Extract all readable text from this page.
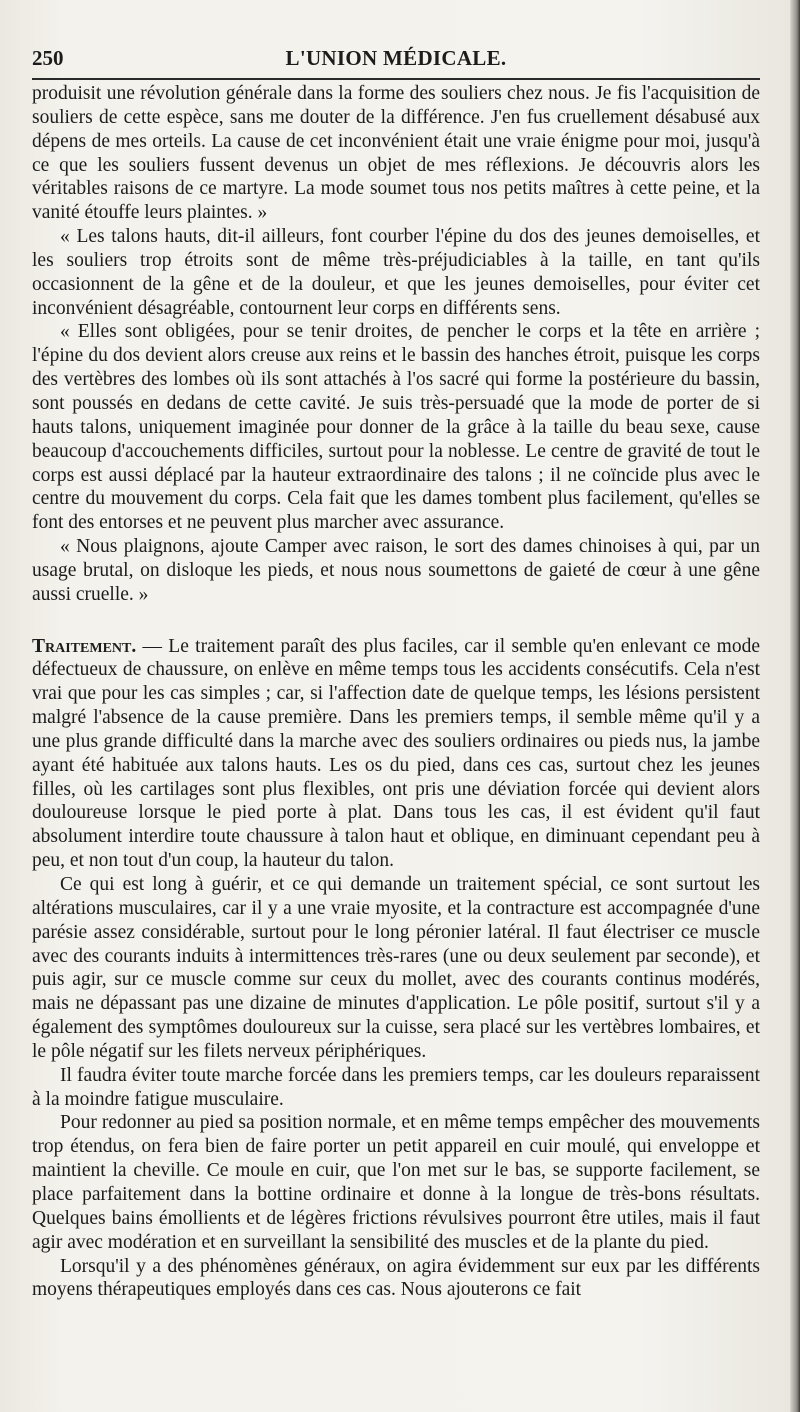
250	L'UNION MÉDICALE.

produisit une révolution générale dans la forme des souliers chez nous. Je fis l'acquisition de souliers de cette espèce, sans me douter de la différence. J'en fus cruellement désabusé aux dépens de mes orteils. La cause de cet inconvénient était une vraie énigme pour moi, jusqu'à ce que les souliers fussent devenus un objet de mes réflexions. Je découvris alors les véritables raisons de ce martyre. La mode soumet tous nos petits maîtres à cette peine, et la vanité étouffe leurs plaintes. »

« Les talons hauts, dit-il ailleurs, font courber l'épine du dos des jeunes demoiselles, et les souliers trop étroits sont de même très-préjudiciables à la taille, en tant qu'ils occasionnent de la gêne et de la douleur, et que les jeunes demoiselles, pour éviter cet inconvénient désagréable, contournent leur corps en différents sens.

« Elles sont obligées, pour se tenir droites, de pencher le corps et la tête en arrière ; l'épine du dos devient alors creuse aux reins et le bassin des hanches étroit, puisque les corps des vertèbres des lombes où ils sont attachés à l'os sacré qui forme la postérieure du bassin, sont poussés en dedans de cette cavité. Je suis très-persuadé que la mode de porter de si hauts talons, uniquement imaginée pour donner de la grâce à la taille du beau sexe, cause beaucoup d'accouchements difficiles, surtout pour la noblesse. Le centre de gravité de tout le corps est aussi déplacé par la hauteur extraordinaire des talons ; il ne coïncide plus avec le centre du mouvement du corps. Cela fait que les dames tombent plus facilement, qu'elles se font des entorses et ne peuvent plus marcher avec assurance.

« Nous plaignons, ajoute Camper avec raison, le sort des dames chinoises à qui, par un usage brutal, on disloque les pieds, et nous nous soumettons de gaieté de cœur à une gêne aussi cruelle. »

Traitement. — Le traitement paraît des plus faciles, car il semble qu'en enlevant ce mode défectueux de chaussure, on enlève en même temps tous les accidents consécutifs. Cela n'est vrai que pour les cas simples ; car, si l'affection date de quelque temps, les lésions persistent malgré l'absence de la cause première. Dans les premiers temps, il semble même qu'il y a une plus grande difficulté dans la marche avec des souliers ordinaires ou pieds nus, la jambe ayant été habituée aux talons hauts. Les os du pied, dans ces cas, surtout chez les jeunes filles, où les cartilages sont plus flexibles, ont pris une déviation forcée qui devient alors douloureuse lorsque le pied porte à plat. Dans tous les cas, il est évident qu'il faut absolument interdire toute chaussure à talon haut et oblique, en diminuant cependant peu à peu, et non tout d'un coup, la hauteur du talon.

Ce qui est long à guérir, et ce qui demande un traitement spécial, ce sont surtout les altérations musculaires, car il y a une vraie myosite, et la contracture est accompagnée d'une parésie assez considérable, surtout pour le long péronier latéral. Il faut électriser ce muscle avec des courants induits à intermittences très-rares (une ou deux seulement par seconde), et puis agir, sur ce muscle comme sur ceux du mollet, avec des courants continus modérés, mais ne dépassant pas une dizaine de minutes d'application. Le pôle positif, surtout s'il y a également des symptômes douloureux sur la cuisse, sera placé sur les vertèbres lombaires, et le pôle négatif sur les filets nerveux périphériques.

Il faudra éviter toute marche forcée dans les premiers temps, car les douleurs reparaissent à la moindre fatigue musculaire.

Pour redonner au pied sa position normale, et en même temps empêcher des mouvements trop étendus, on fera bien de faire porter un petit appareil en cuir moulé, qui enveloppe et maintient la cheville. Ce moule en cuir, que l'on met sur le bas, se supporte facilement, se place parfaitement dans la bottine ordinaire et donne à la longue de très-bons résultats. Quelques bains émollients et de légères frictions révulsives pourront être utiles, mais il faut agir avec modération et en surveillant la sensibilité des muscles et de la plante du pied.

Lorsqu'il y a des phénomènes généraux, on agira évidemment sur eux par les différents moyens thérapeutiques employés dans ces cas. Nous ajouterons ce fait
